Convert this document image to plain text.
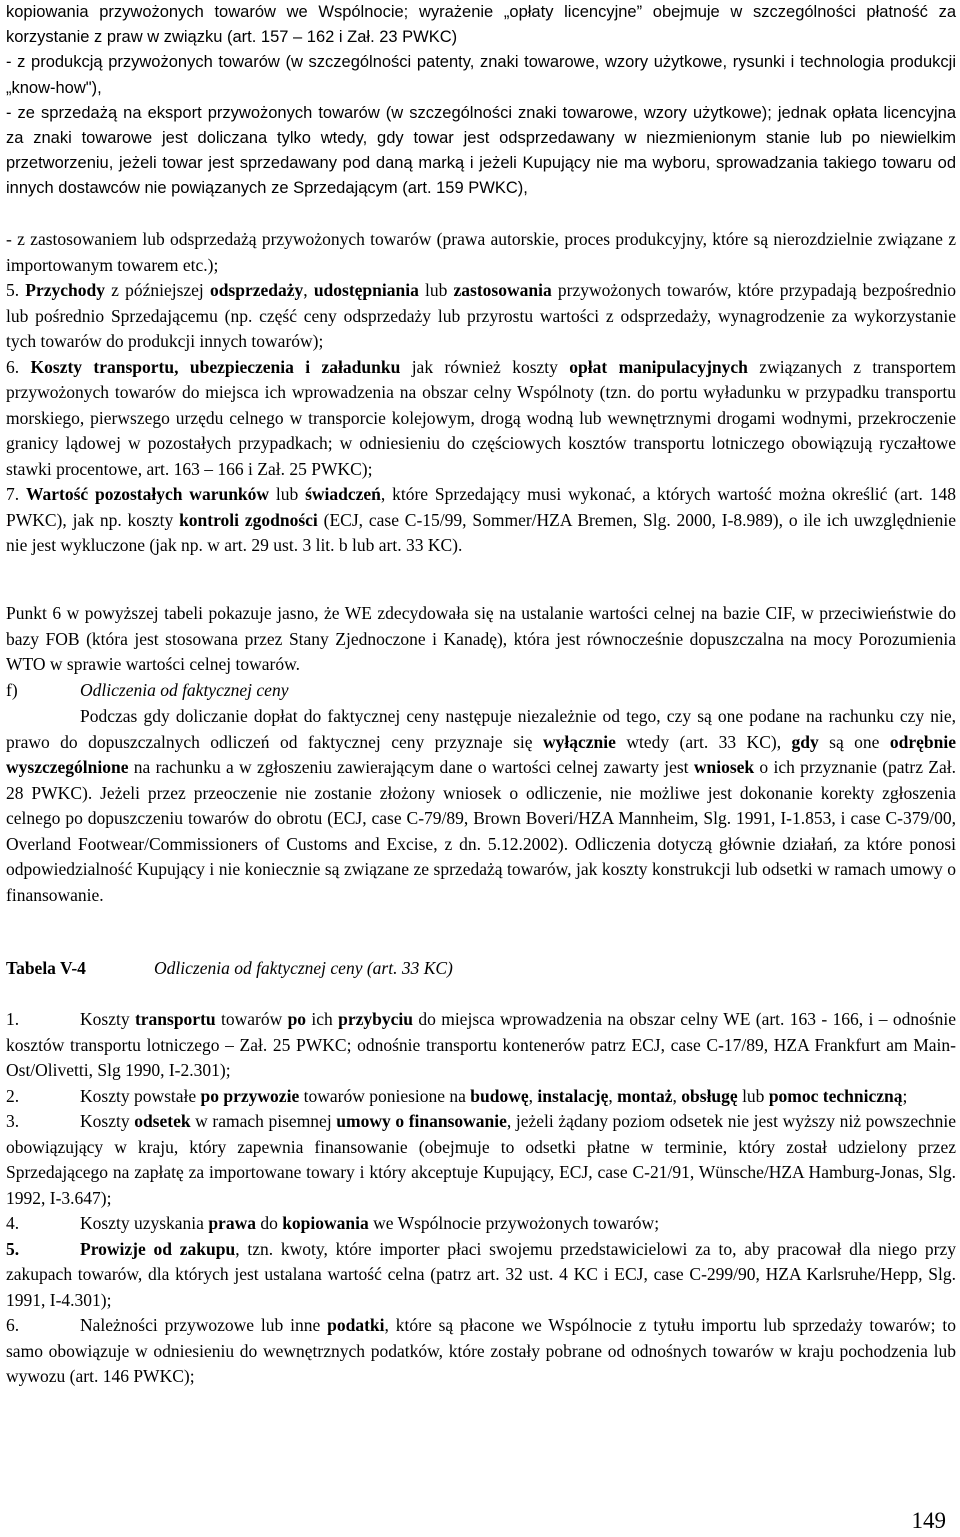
kopiowania przywożonych towarów we Wspólnocie; wyrażenie „opłaty licencyjne” obejmuje w szczególności płatność za korzystanie z praw w związku (art. 157 – 162 i Zał. 23 PWKC)

- z produkcją przywożonych towarów (w szczególności patenty, znaki towarowe, wzory użytkowe, rysunki i technologia produkcji „know-how"),

- ze sprzedażą na eksport przywożonych towarów (w szczególności znaki towarowe, wzory użytkowe); jednak opłata licencyjna za znaki towarowe jest doliczana tylko wtedy, gdy towar jest odsprzedawany w niezmienionym stanie lub po niewielkim przetworzeniu, jeżeli towar jest sprzedawany pod daną marką i jeżeli Kupujący nie ma wyboru, sprowadzania takiego towaru od innych dostawców nie powiązanych ze Sprzedającym (art. 159 PWKC),

- z zastosowaniem lub odsprzedażą przywożonych towarów (prawa autorskie, proces produkcyjny, które są nierozdzielnie związane z importowanym towarem etc.);

5. Przychody z późniejszej odsprzedaży, udostępniania lub zastosowania przywożonych towarów, które przypadają bezpośrednio lub pośrednio Sprzedającemu (np. część ceny odsprzedaży lub przyrostu wartości z odsprzedaży, wynagrodzenie za wykorzystanie tych towarów do produkcji innych towarów);

6. Koszty transportu, ubezpieczenia i załadunku jak również koszty opłat manipulacyjnych związanych z transportem przywożonych towarów do miejsca ich wprowadzenia na obszar celny Wspólnoty (tzn. do portu wyładunku w przypadku transportu morskiego, pierwszego urzędu celnego w transporcie kolejowym, drogą wodną lub wewnętrznymi drogami wodnymi, przekroczenie granicy lądowej w pozostałych przypadkach; w odniesieniu do częściowych kosztów transportu lotniczego obowiązują ryczałtowe stawki procentowe, art. 163 – 166 i Zał. 25 PWKC);

7. Wartość pozostałych warunków lub świadczeń, które Sprzedający musi wykonać, a których wartość można określić (art. 148 PWKC), jak np. koszty kontroli zgodności (ECJ, case C-15/99, Sommer/HZA Bremen, Slg. 2000, I-8.989), o ile ich uwzględnienie nie jest wykluczone (jak np. w art. 29 ust. 3 lit. b lub art. 33 KC).

Punkt 6 w powyższej tabeli pokazuje jasno, że WE zdecydowała się na ustalanie wartości celnej na bazie CIF, w przeciwieństwie do bazy FOB (która jest stosowana przez Stany Zjednoczone i Kanadę), która jest równocześnie dopuszczalna na mocy Porozumienia WTO w sprawie wartości celnej towarów.
f)	Odliczenia od faktycznej ceny
Podczas gdy doliczanie dopłat do faktycznej ceny następuje niezależnie od tego, czy są one podane na rachunku czy nie, prawo do dopuszczalnych odliczeń od faktycznej ceny przyznaje się wyłącznie wtedy (art. 33 KC), gdy są one odrębnie wyszczególnione na rachunku a w zgłoszeniu zawierającym dane o wartości celnej zawarty jest wniosek o ich przyznanie (patrz Zał. 28 PWKC). Jeżeli przez przeoczenie nie zostanie złożony wniosek o odliczenie, nie możliwe jest dokonanie korekty zgłoszenia celnego po dopuszczeniu towarów do obrotu (ECJ, case C-79/89, Brown Boveri/HZA Mannheim, Slg. 1991, I-1.853, i case C-379/00, Overland Footwear/Commissioners of Customs and Excise, z dn. 5.12.2002). Odliczenia dotyczą głównie działań, za które ponosi odpowiedzialność Kupujący i nie koniecznie są związane ze sprzedażą towarów, jak koszty konstrukcji lub odsetki w ramach umowy o finansowanie.
Tabela V-4	Odliczenia od faktycznej ceny (art. 33 KC)

1.	Koszty transportu towarów po ich przybyciu do miejsca wprowadzenia na obszar celny WE (art. 163 - 166, i – odnośnie kosztów transportu lotniczego – Zał. 25 PWKC; odnośnie transportu kontenerów patrz ECJ, case C-17/89, HZA Frankfurt am Main-Ost/Olivetti, Slg 1990, I-2.301);

2.	Koszty powstałe po przywozie towarów poniesione na budowę, instalację, montaż, obsługę lub pomoc techniczną;

3.	Koszty odsetek w ramach pisemnej umowy o finansowanie, jeżeli żądany poziom odsetek nie jest wyższy niż powszechnie obowiązujący w kraju, który zapewnia finansowanie (obejmuje to odsetki płatne w terminie, który został udzielony przez Sprzedającego na zapłatę za importowane towary i który akceptuje Kupujący, ECJ, case C-21/91, Wünsche/HZA Hamburg-Jonas, Slg. 1992, I-3.647);

4.	Koszty uzyskania prawa do kopiowania we Wspólnocie przywożonych towarów;

5.	Prowizje od zakupu, tzn. kwoty, które importer płaci swojemu przedstawicielowi za to, aby pracował dla niego przy zakupach towarów, dla których jest ustalana wartość celna (patrz art. 32 ust. 4 KC i ECJ, case C-299/90, HZA Karlsruhe/Hepp, Slg. 1991, I-4.301);

6.	Należności przywozowe lub inne podatki, które są płacone we Wspólnocie z tytułu importu lub sprzedaży towarów; to samo obowiązuje w odniesieniu do wewnętrznych podatków, które zostały pobrane od odnośnych towarów w kraju pochodzenia lub wywozu (art. 146 PWKC);

149
